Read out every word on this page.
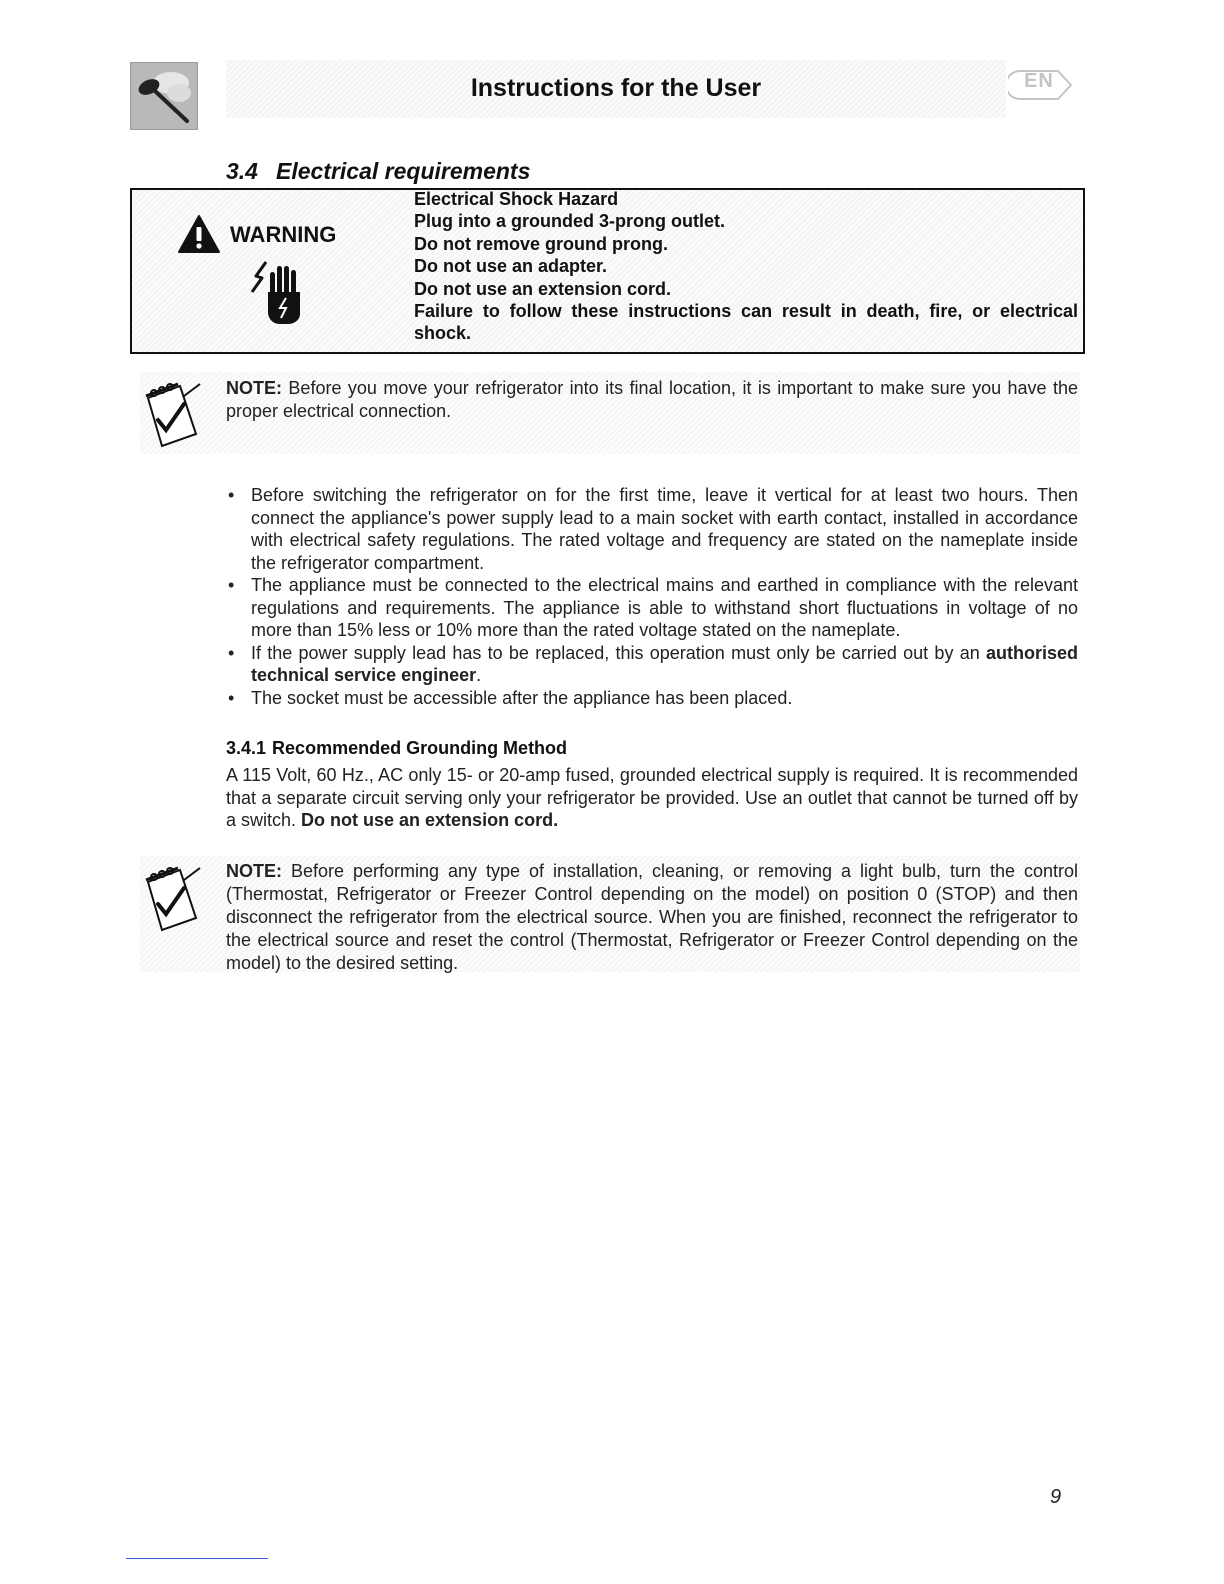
Instructions for the User	EN
3.4 Electrical requirements
WARNING
Electrical Shock Hazard
Plug into a grounded 3-prong outlet.
Do not remove ground prong.
Do not use an adapter.
Do not use an extension cord.
Failure to follow these instructions can result in death, fire, or electrical
shock.
NOTE: Before you move your refrigerator into its final location, it is important to make sure you have the proper electrical connection.
• Before switching the refrigerator on for the first time, leave it vertical for at least two hours. Then connect the appliance's power supply lead to a main socket with earth contact, installed in accordance with electrical safety regulations. The rated voltage and frequency are stated on the nameplate inside the refrigerator compartment.
• The appliance must be connected to the electrical mains and earthed in compliance with the relevant regulations and requirements. The appliance is able to withstand short fluctuations in voltage of no more than 15% less or 10% more than the rated voltage stated on the nameplate.
• If the power supply lead has to be replaced, this operation must only be carried out by an authorised technical service engineer.
• The socket must be accessible after the appliance has been placed.
3.4.1 Recommended Grounding Method
A 115 Volt, 60 Hz., AC only 15- or 20-amp fused, grounded electrical supply is required. It is recommended that a separate circuit serving only your refrigerator be provided. Use an outlet that cannot be turned off by a switch. Do not use an extension cord.
NOTE: Before performing any type of installation, cleaning, or removing a light bulb, turn the control (Thermostat, Refrigerator or Freezer Control depending on the model) on position 0 (STOP) and then disconnect the refrigerator from the electrical source. When you are finished, reconnect the refrigerator to the electrical source and reset the control (Thermostat, Refrigerator or Freezer Control depending on the model) to the desired setting.
9
